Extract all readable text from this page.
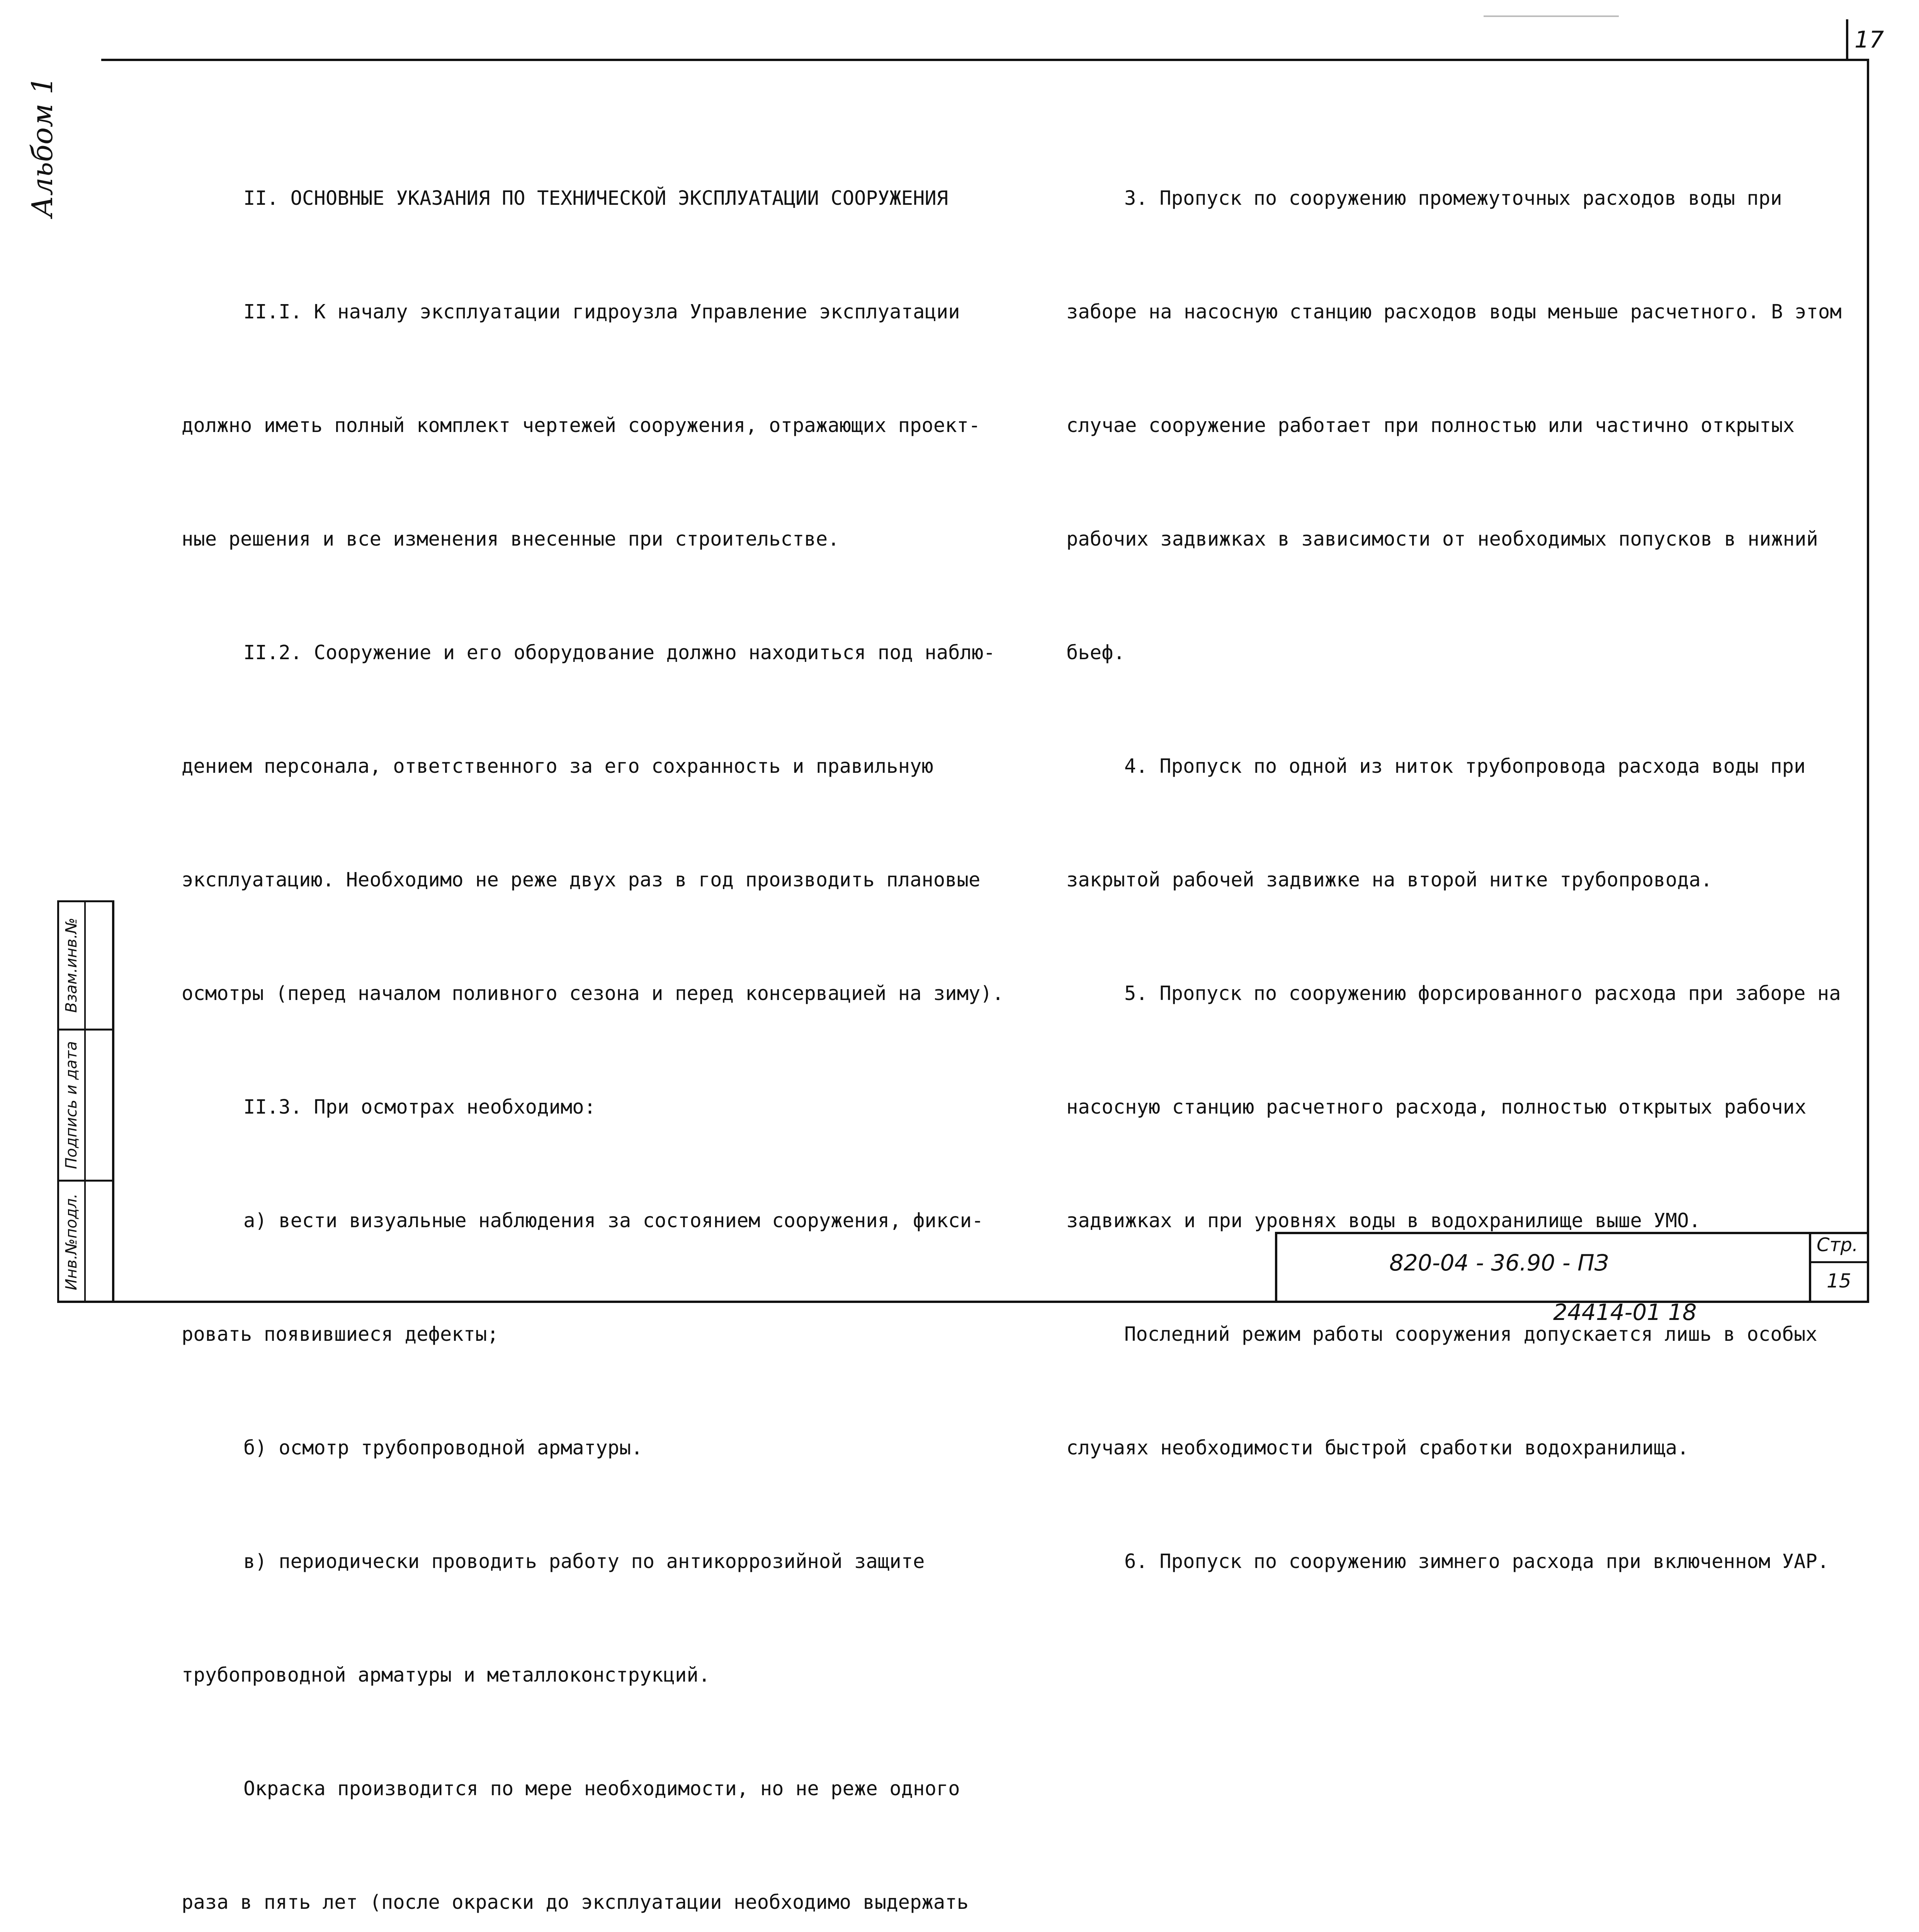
17
Альбом 1
Взам.инв.№
Подпись и дата
Инв.№подл.

II. ОСНОВНЫЕ УКАЗАНИЯ ПО ТЕХНИЧЕСКОЙ ЭКСПЛУАТАЦИИ СООРУЖЕНИЯ

II.I. К началу эксплуатации гидроузла Управление эксплуатации

должно иметь полный комплект чертежей сооружения, отражающих проект-

ные решения и все изменения внесенные при строительстве.

II.2. Сооружение и его оборудование должно находиться под наблю-

дением персонала, ответственного за его сохранность и правильную

эксплуатацию. Необходимо не реже двух раз в год производить плановые

осмотры (перед началом поливного сезона и перед консервацией на зиму).

II.3. При осмотрах необходимо:

а) вести визуальные наблюдения за состоянием сооружения, фикси-

ровать появившиеся дефекты;

б) осмотр трубопроводной арматуры.

в) периодически проводить работу по антикоррозийной защите

трубопроводной арматуры и металлоконструкций.

Окраска производится по мере необходимости, но не реже одного

раза в пять лет (после окраски до эксплуатации необходимо выдержать

3. Пропуск по сооружению промежуточных расходов воды при

заборе на насосную станцию расходов воды меньше расчетного. В этом

случае сооружение работает при полностью или частично открытых

рабочих задвижках в зависимости от необходимых попусков в нижний

бьеф.

4. Пропуск по одной из ниток трубопровода расхода воды при

закрытой рабочей задвижке на второй нитке трубопровода.

5. Пропуск по сооружению форсированного расхода при заборе на

насосную станцию расчетного расхода, полностью открытых рабочих

задвижках и при уровнях воды в водохранилище выше УМО.

Последний режим работы сооружения допускается лишь в особых

случаях необходимости быстрой сработки водохранилища.

6. Пропуск по сооружению зимнего расхода при включенном УАР.

820-04 - 36.90 - ПЗ
Стр.
15
24414-01 18
